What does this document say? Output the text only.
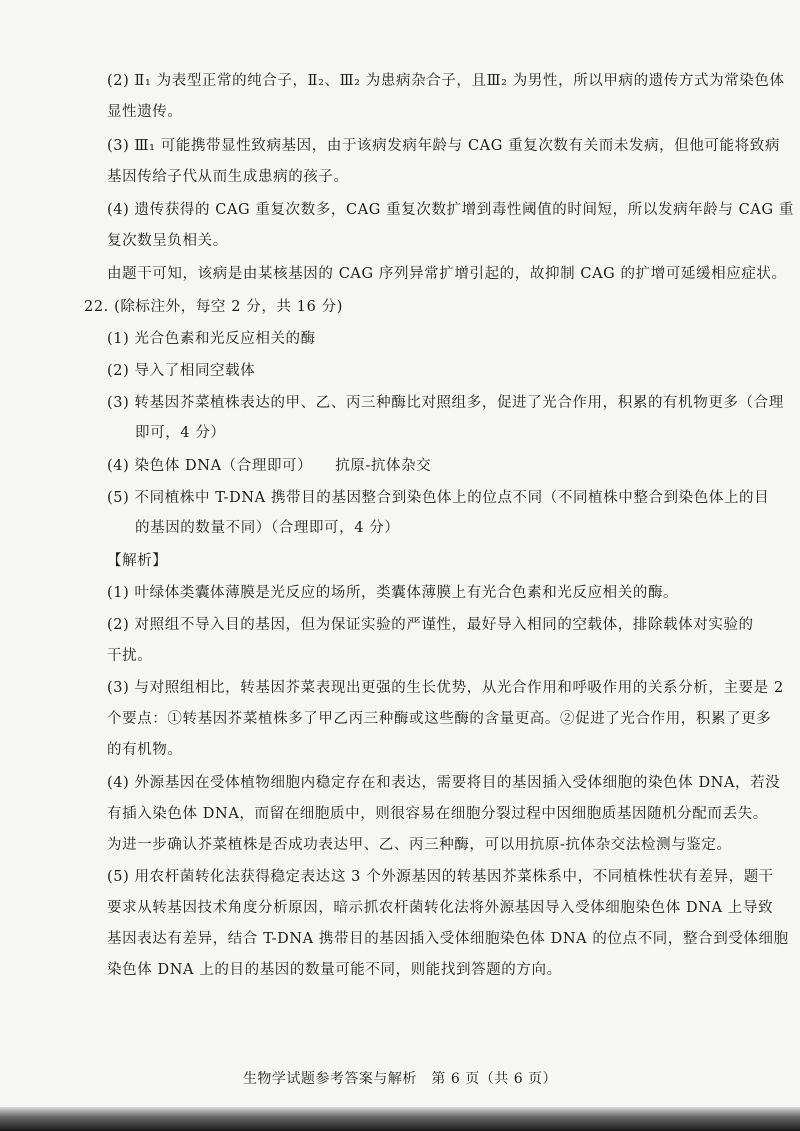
(2) Ⅱ₁ 为表型正常的纯合子，Ⅱ₂、Ⅲ₂ 为患病杂合子，且Ⅲ₂ 为男性，所以甲病的遗传方式为常染色体
显性遗传。
(3) Ⅲ₁ 可能携带显性致病基因，由于该病发病年龄与 CAG 重复次数有关而未发病，但他可能将致病
基因传给子代从而生成患病的孩子。
(4) 遗传获得的 CAG 重复次数多，CAG 重复次数扩增到毒性阈值的时间短，所以发病年龄与 CAG 重
复次数呈负相关。
由题干可知，该病是由某核基因的 CAG 序列异常扩增引起的，故抑制 CAG 的扩增可延缓相应症状。
22. (除标注外，每空 2 分，共 16 分)
(1) 光合色素和光反应相关的酶
(2) 导入了相同空载体
(3) 转基因芥菜植株表达的甲、乙、丙三种酶比对照组多，促进了光合作用，积累的有机物更多（合理
即可，4 分）
(4) 染色体 DNA（合理即可）　　抗原-抗体杂交
(5) 不同植株中 T-DNA 携带目的基因整合到染色体上的位点不同（不同植株中整合到染色体上的目
的基因的数量不同）（合理即可，4 分）
【解析】
(1) 叶绿体类囊体薄膜是光反应的场所，类囊体薄膜上有光合色素和光反应相关的酶。
(2) 对照组不导入目的基因，但为保证实验的严谨性，最好导入相同的空载体，排除载体对实验的
干扰。
(3) 与对照组相比，转基因芥菜表现出更强的生长优势，从光合作用和呼吸作用的关系分析，主要是 2
个要点：①转基因芥菜植株多了甲乙丙三种酶或这些酶的含量更高。②促进了光合作用，积累了更多
的有机物。
(4) 外源基因在受体植物细胞内稳定存在和表达，需要将目的基因插入受体细胞的染色体 DNA，若没
有插入染色体 DNA，而留在细胞质中，则很容易在细胞分裂过程中因细胞质基因随机分配而丢失。
为进一步确认芥菜植株是否成功表达甲、乙、丙三种酶，可以用抗原-抗体杂交法检测与鉴定。
(5) 用农杆菌转化法获得稳定表达这 3 个外源基因的转基因芥菜株系中，不同植株性状有差异，题干
要求从转基因技术角度分析原因，暗示抓农杆菌转化法将外源基因导入受体细胞染色体 DNA 上导致
基因表达有差异，结合 T-DNA 携带目的基因插入受体细胞染色体 DNA 的位点不同，整合到受体细胞
染色体 DNA 上的目的基因的数量可能不同，则能找到答题的方向。
生物学试题参考答案与解析　第 6 页（共 6 页）
